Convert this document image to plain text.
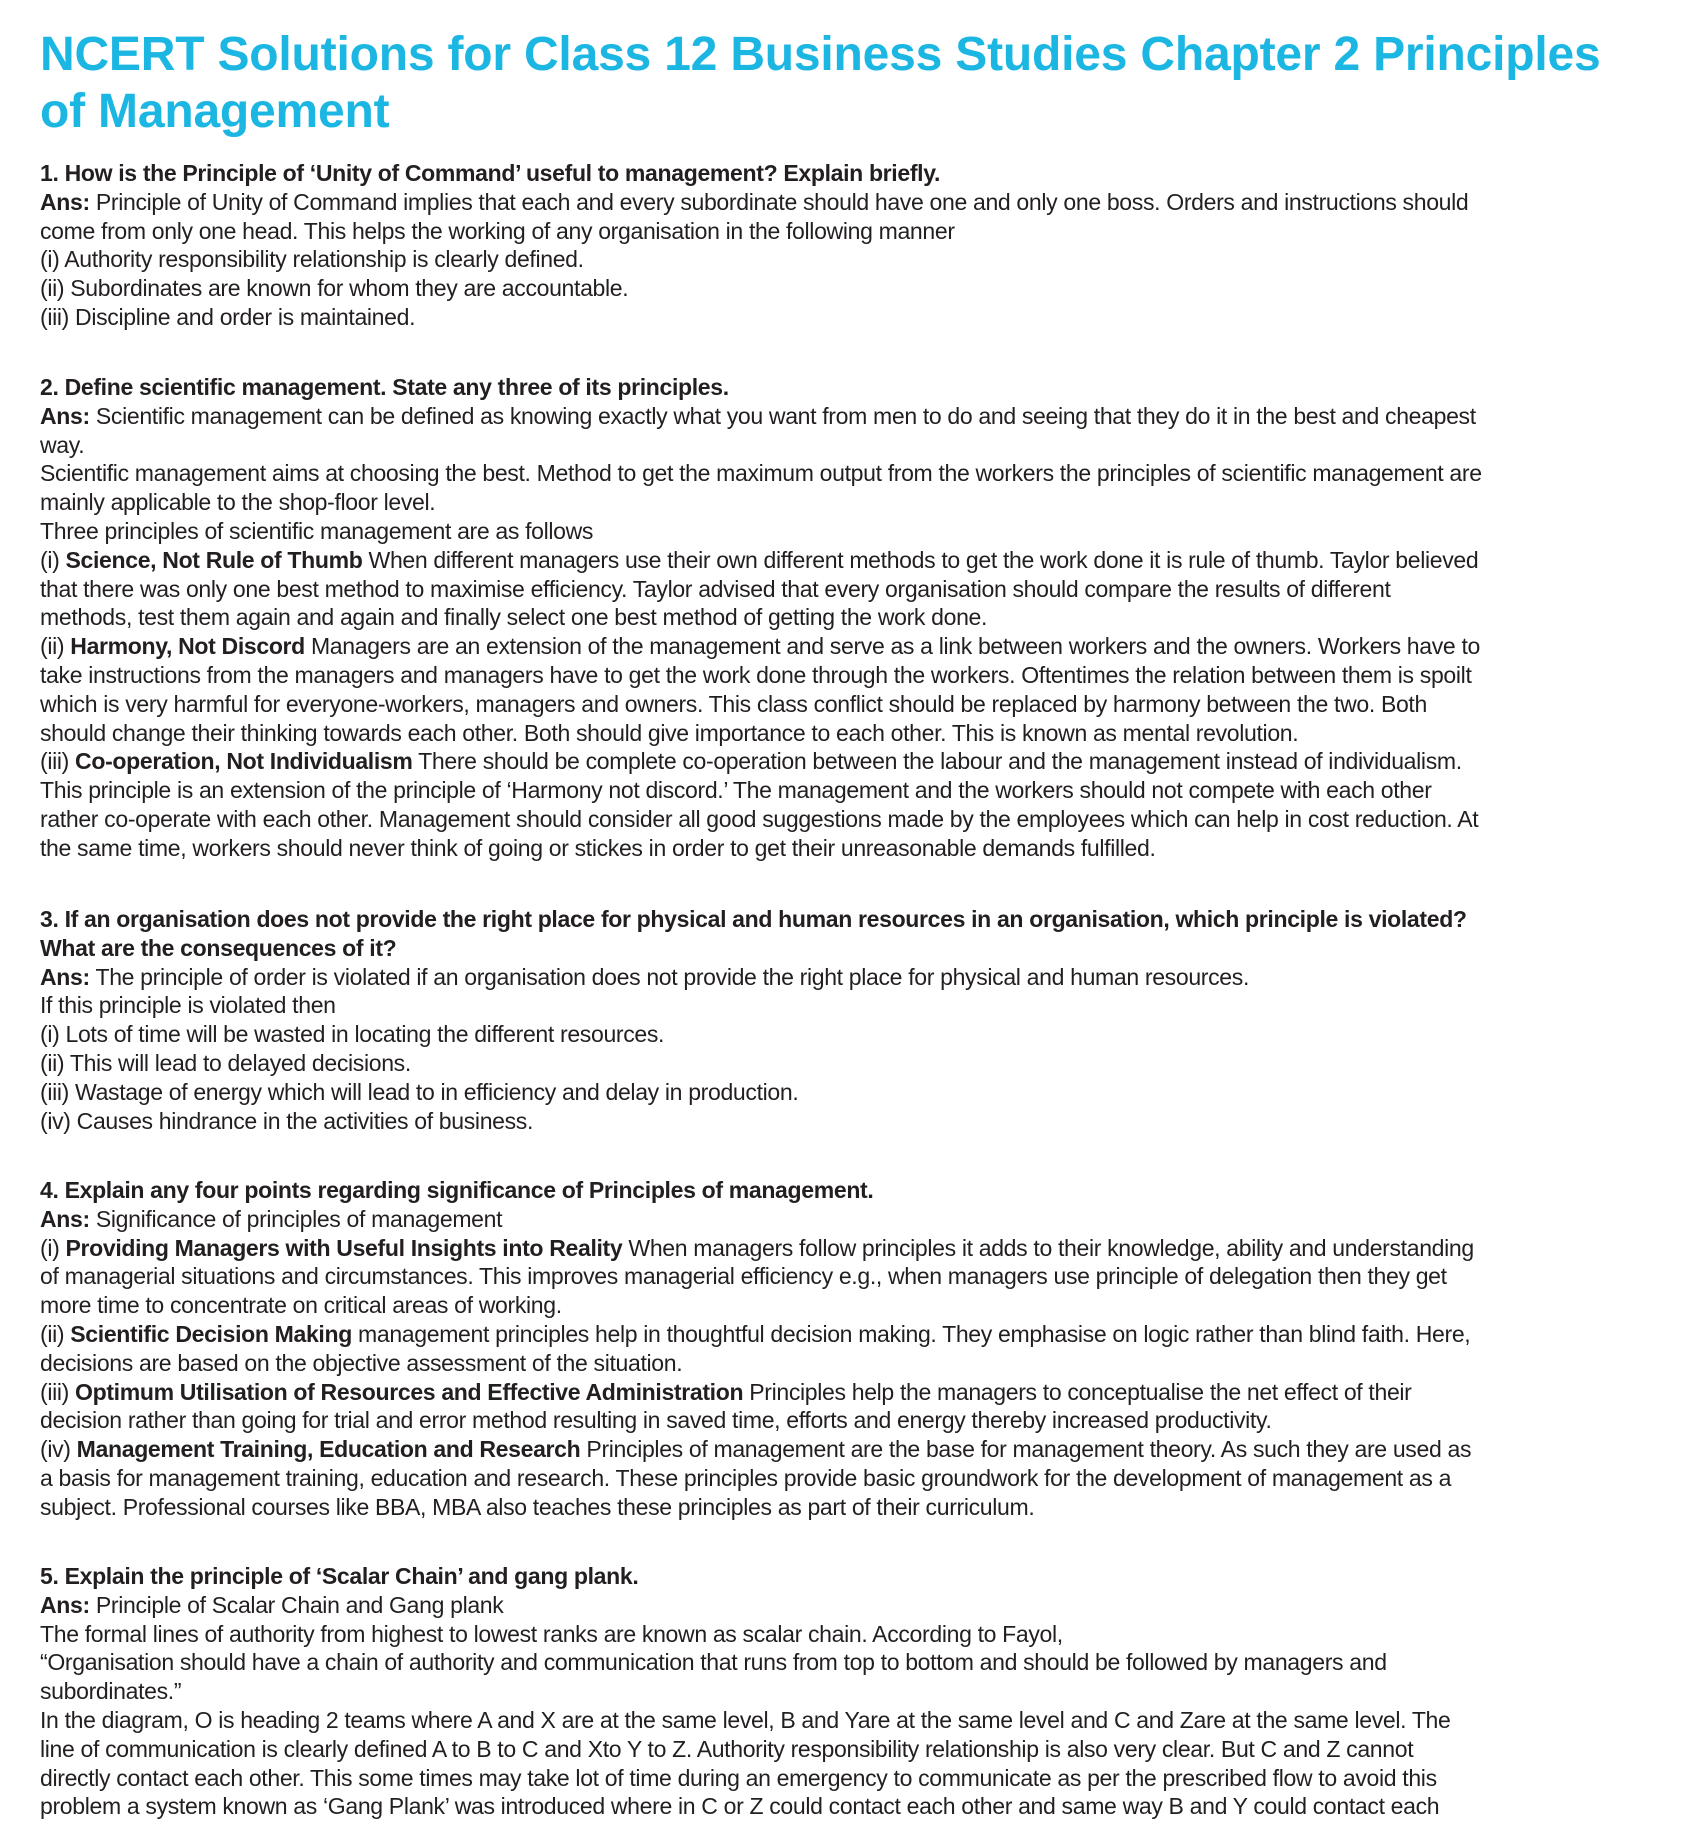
NCERT Solutions for Class 12 Business Studies Chapter 2 Principles
of Management
1. How is the Principle of ‘Unity of Command’ useful to management? Explain briefly.
Ans: Principle of Unity of Command implies that each and every subordinate should have one and only one boss. Orders and instructions should
come from only one head. This helps the working of any organisation in the following manner
(i) Authority responsibility relationship is clearly defined.
(ii) Subordinates are known for whom they are accountable.
(iii) Discipline and order is maintained.
2. Define scientific management. State any three of its principles.
Ans: Scientific management can be defined as knowing exactly what you want from men to do and seeing that they do it in the best and cheapest
way.
Scientific management aims at choosing the best. Method to get the maximum output from the workers the principles of scientific management are
mainly applicable to the shop-floor level.
Three principles of scientific management are as follows
(i) Science, Not Rule of Thumb When different managers use their own different methods to get the work done it is rule of thumb. Taylor believed
that there was only one best method to maximise efficiency. Taylor advised that every organisation should compare the results of different
methods, test them again and again and finally select one best method of getting the work done.
(ii) Harmony, Not Discord Managers are an extension of the management and serve as a link between workers and the owners. Workers have to
take instructions from the managers and managers have to get the work done through the workers. Oftentimes the relation between them is spoilt
which is very harmful for everyone-workers, managers and owners. This class conflict should be replaced by harmony between the two. Both
should change their thinking towards each other. Both should give importance to each other. This is known as mental revolution.
(iii) Co-operation, Not Individualism There should be complete co-operation between the labour and the management instead of individualism.
This principle is an extension of the principle of ‘Harmony not discord.’ The management and the workers should not compete with each other
rather co-operate with each other. Management should consider all good suggestions made by the employees which can help in cost reduction. At
the same time, workers should never think of going or stickes in order to get their unreasonable demands fulfilled.
3. If an organisation does not provide the right place for physical and human resources in an organisation, which principle is violated?
What are the consequences of it?
Ans: The principle of order is violated if an organisation does not provide the right place for physical and human resources.
If this principle is violated then
(i) Lots of time will be wasted in locating the different resources.
(ii) This will lead to delayed decisions.
(iii) Wastage of energy which will lead to in efficiency and delay in production.
(iv) Causes hindrance in the activities of business.
4. Explain any four points regarding significance of Principles of management.
Ans: Significance of principles of management
(i) Providing Managers with Useful Insights into Reality When managers follow principles it adds to their knowledge, ability and understanding
of managerial situations and circumstances. This improves managerial efficiency e.g., when managers use principle of delegation then they get
more time to concentrate on critical areas of working.
(ii) Scientific Decision Making management principles help in thoughtful decision making. They emphasise on logic rather than blind faith. Here,
decisions are based on the objective assessment of the situation.
(iii) Optimum Utilisation of Resources and Effective Administration Principles help the managers to conceptualise the net effect of their
decision rather than going for trial and error method resulting in saved time, efforts and energy thereby increased productivity.
(iv) Management Training, Education and Research Principles of management are the base for management theory. As such they are used as
a basis for management training, education and research. These principles provide basic groundwork for the development of management as a
subject. Professional courses like BBA, MBA also teaches these principles as part of their curriculum.
5. Explain the principle of ‘Scalar Chain’ and gang plank.
Ans: Principle of Scalar Chain and Gang plank
The formal lines of authority from highest to lowest ranks are known as scalar chain. According to Fayol,
“Organisation should have a chain of authority and communication that runs from top to bottom and should be followed by managers and
subordinates.”
In the diagram, O is heading 2 teams where A and X are at the same level, B and Yare at the same level and C and Zare at the same level. The
line of communication is clearly defined A to B to C and Xto Y to Z. Authority responsibility relationship is also very clear. But C and Z cannot
directly contact each other. This some times may take lot of time during an emergency to communicate as per the prescribed flow to avoid this
problem a system known as ‘Gang Plank’ was introduced where in C or Z could contact each other and same way B and Y could contact each
